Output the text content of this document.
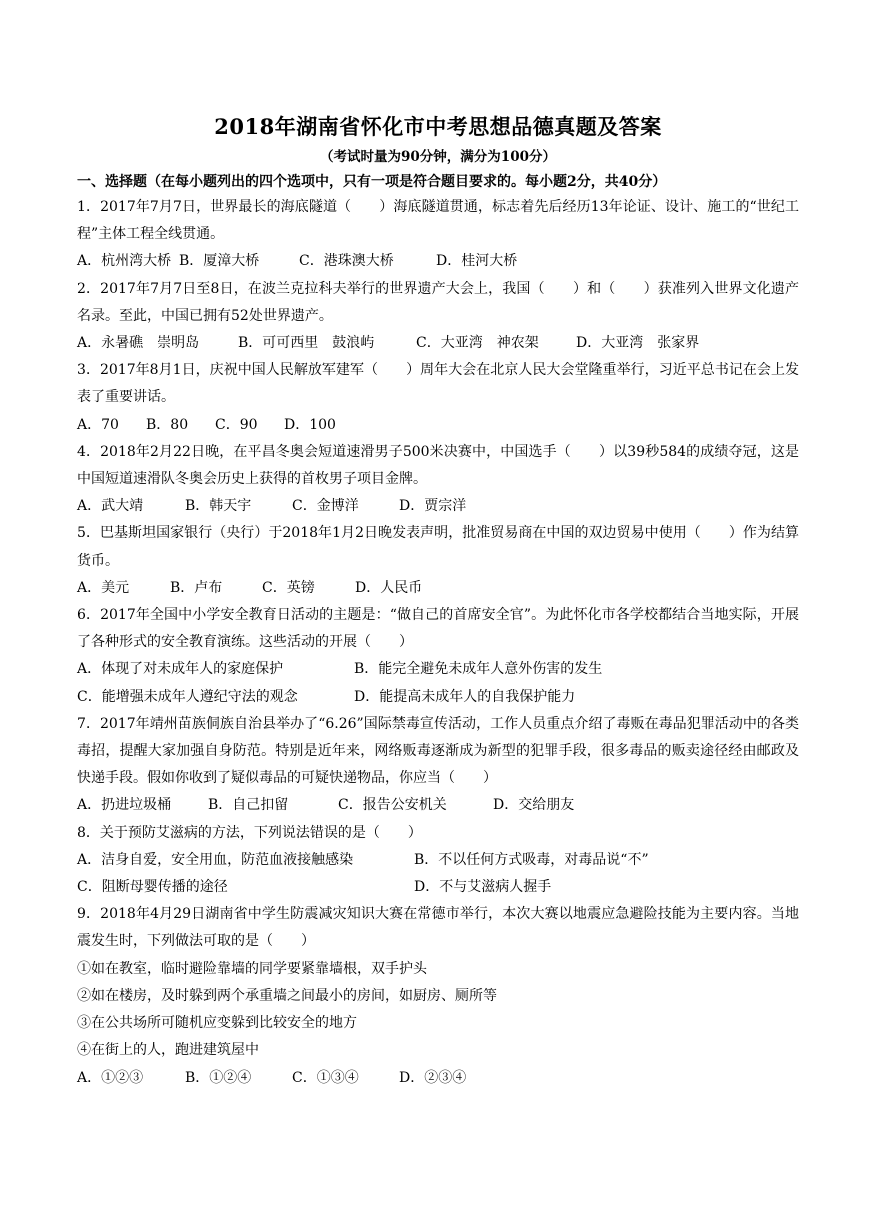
2018年湖南省怀化市中考思想品德真题及答案

（考试时量为90分钟，满分为100分）

一、选择题（在每小题列出的四个选项中，只有一项是符合题目要求的。每小题2分，共40分）

1．2017年7月7日，世界最长的海底隧道（　　）海底隧道贯通，标志着先后经历13年论证、设计、施工的“世纪工程”主体工程全线贯通。

A．杭州湾大桥 B．厦漳大桥	C．港珠澳大桥	D．桂河大桥

2．2017年7月7日至8日，在波兰克拉科夫举行的世界遗产大会上，我国（　　）和（　　）获准列入世界文化遗产名录。至此，中国已拥有52处世界遗产。

A．永暑礁　崇明岛	B．可可西里　鼓浪屿	C．大亚湾　神农架	D．大亚湾　张家界

3．2017年8月1日，庆祝中国人民解放军建军（　　）周年大会在北京人民大会堂隆重举行，习近平总书记在会上发表了重要讲话。

A．70 B．80 C．90 D．100

4．2018年2月22日晚，在平昌冬奥会短道速滑男子500米决赛中，中国选手（　　）以39秒584的成绩夺冠，这是中国短道速滑队冬奥会历史上获得的首枚男子项目金牌。

A．武大靖	B．韩天宇	C．金博洋	D．贾宗洋

5．巴基斯坦国家银行（央行）于2018年1月2日晚发表声明，批准贸易商在中国的双边贸易中使用（　　）作为结算货币。

A．美元	B．卢布	C．英镑	D．人民币

6．2017年全国中小学安全教育日活动的主题是：“做自己的首席安全官”。为此怀化市各学校都结合当地实际，开展了各种形式的安全教育演练。这些活动的开展（　　）

A．体现了对未成年人的家庭保护	B．能完全避免未成年人意外伤害的发生
C．能增强未成年人遵纪守法的观念	D．能提高未成年人的自我保护能力

7．2017年靖州苗族侗族自治县举办了“6.26”国际禁毒宣传活动，工作人员重点介绍了毒贩在毒品犯罪活动中的各类毒招，提醒大家加强自身防范。特别是近年来，网络贩毒逐渐成为新型的犯罪手段，很多毒品的贩卖途径经由邮政及快递手段。假如你收到了疑似毒品的可疑快递物品，你应当（　　）

A．扔进垃圾桶	B．自己扣留	C．报告公安机关	D．交给朋友

8．关于预防艾滋病的方法，下列说法错误的是（　　）

A．洁身自爱，安全用血，防范血液接触感染	B．不以任何方式吸毒，对毒品说“不”
C．阻断母婴传播的途径	D．不与艾滋病人握手

9．2018年4月29日湖南省中学生防震减灾知识大赛在常德市举行，本次大赛以地震应急避险技能为主要内容。当地震发生时，下列做法可取的是（　　）

①如在教室，临时避险靠墙的同学要紧靠墙根，双手护头

②如在楼房，及时躲到两个承重墙之间最小的房间，如厨房、厕所等

③在公共场所可随机应变躲到比较安全的地方

④在街上的人，跑进建筑屋中

A．①②③	B．①②④	C．①③④	D．②③④
